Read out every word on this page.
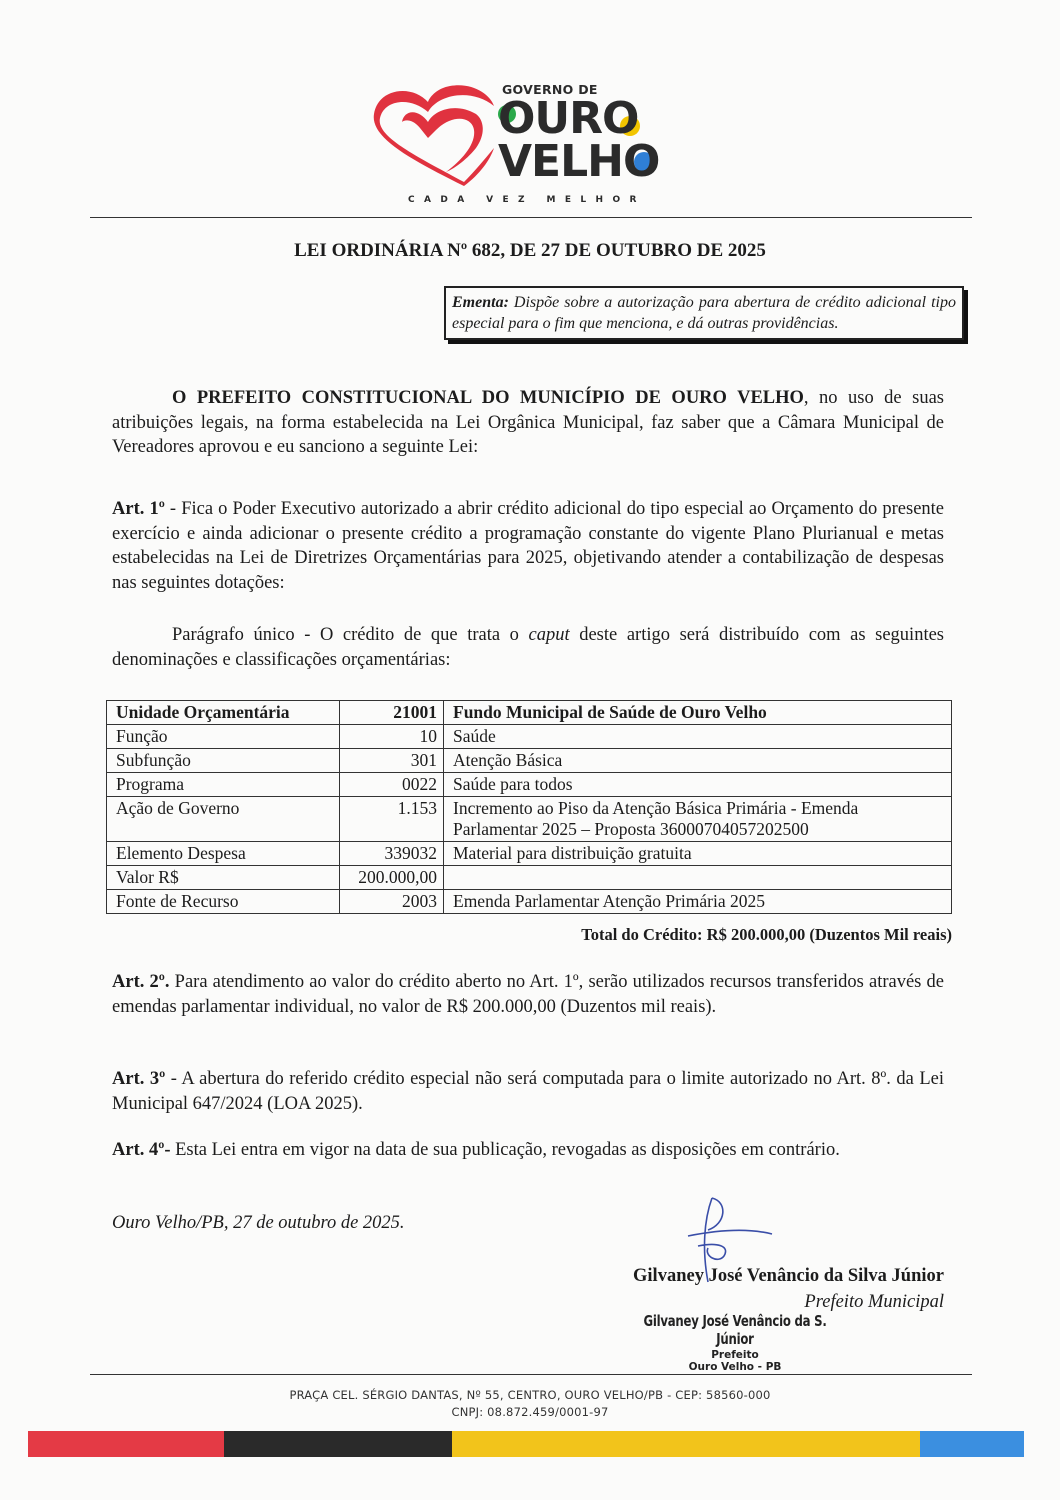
GOVERNO DE
OURO
VELHO
CADA VEZ MELHOR
LEI ORDINÁRIA Nº 682, DE 27 DE OUTUBRO DE 2025
Ementa: Dispõe sobre a autorização para abertura de crédito adicional tipo especial para o fim que menciona, e dá outras providências.
O PREFEITO CONSTITUCIONAL DO MUNICÍPIO DE OURO VELHO, no uso de suas atribuições legais, na forma estabelecida na Lei Orgânica Municipal, faz saber que a Câmara Municipal de Vereadores aprovou e eu sanciono a seguinte Lei:
Art. 1º - Fica o Poder Executivo autorizado a abrir crédito adicional do tipo especial ao Orçamento do presente exercício e ainda adicionar o presente crédito a programação constante do vigente Plano Plurianual e metas estabelecidas na Lei de Diretrizes Orçamentárias para 2025, objetivando atender a contabilização de despesas nas seguintes dotações:
Parágrafo único - O crédito de que trata o caput deste artigo será distribuído com as seguintes denominações e classificações orçamentárias:
Unidade Orçamentária	21001	Fundo Municipal de Saúde de Ouro Velho
Função	10	Saúde
Subfunção	301	Atenção Básica
Programa	0022	Saúde para todos
Ação de Governo	1.153	Incremento ao Piso da Atenção Básica Primária - Emenda Parlamentar 2025 – Proposta 36000704057202500
Elemento Despesa	339032	Material para distribuição gratuita
Valor R$	200.000,00	
Fonte de Recurso	2003	Emenda Parlamentar Atenção Primária 2025
Total do Crédito: R$ 200.000,00 (Duzentos Mil reais)
Art. 2º. Para atendimento ao valor do crédito aberto no Art. 1º, serão utilizados recursos transferidos através de emendas parlamentar individual, no valor de R$ 200.000,00 (Duzentos mil reais).
Art. 3º - A abertura do referido crédito especial não será computada para o limite autorizado no Art. 8º. da Lei Municipal 647/2024 (LOA 2025).
Art. 4º- Esta Lei entra em vigor na data de sua publicação, revogadas as disposições em contrário.
Ouro Velho/PB, 27 de outubro de 2025.
Gilvaney José Venâncio da Silva Júnior
Prefeito Municipal
Gilvaney José Venâncio da S. Júnior
Prefeito
Ouro Velho - PB
PRAÇA CEL. SÉRGIO DANTAS, Nº 55, CENTRO, OURO VELHO/PB - CEP: 58560-000
CNPJ: 08.872.459/0001-97
